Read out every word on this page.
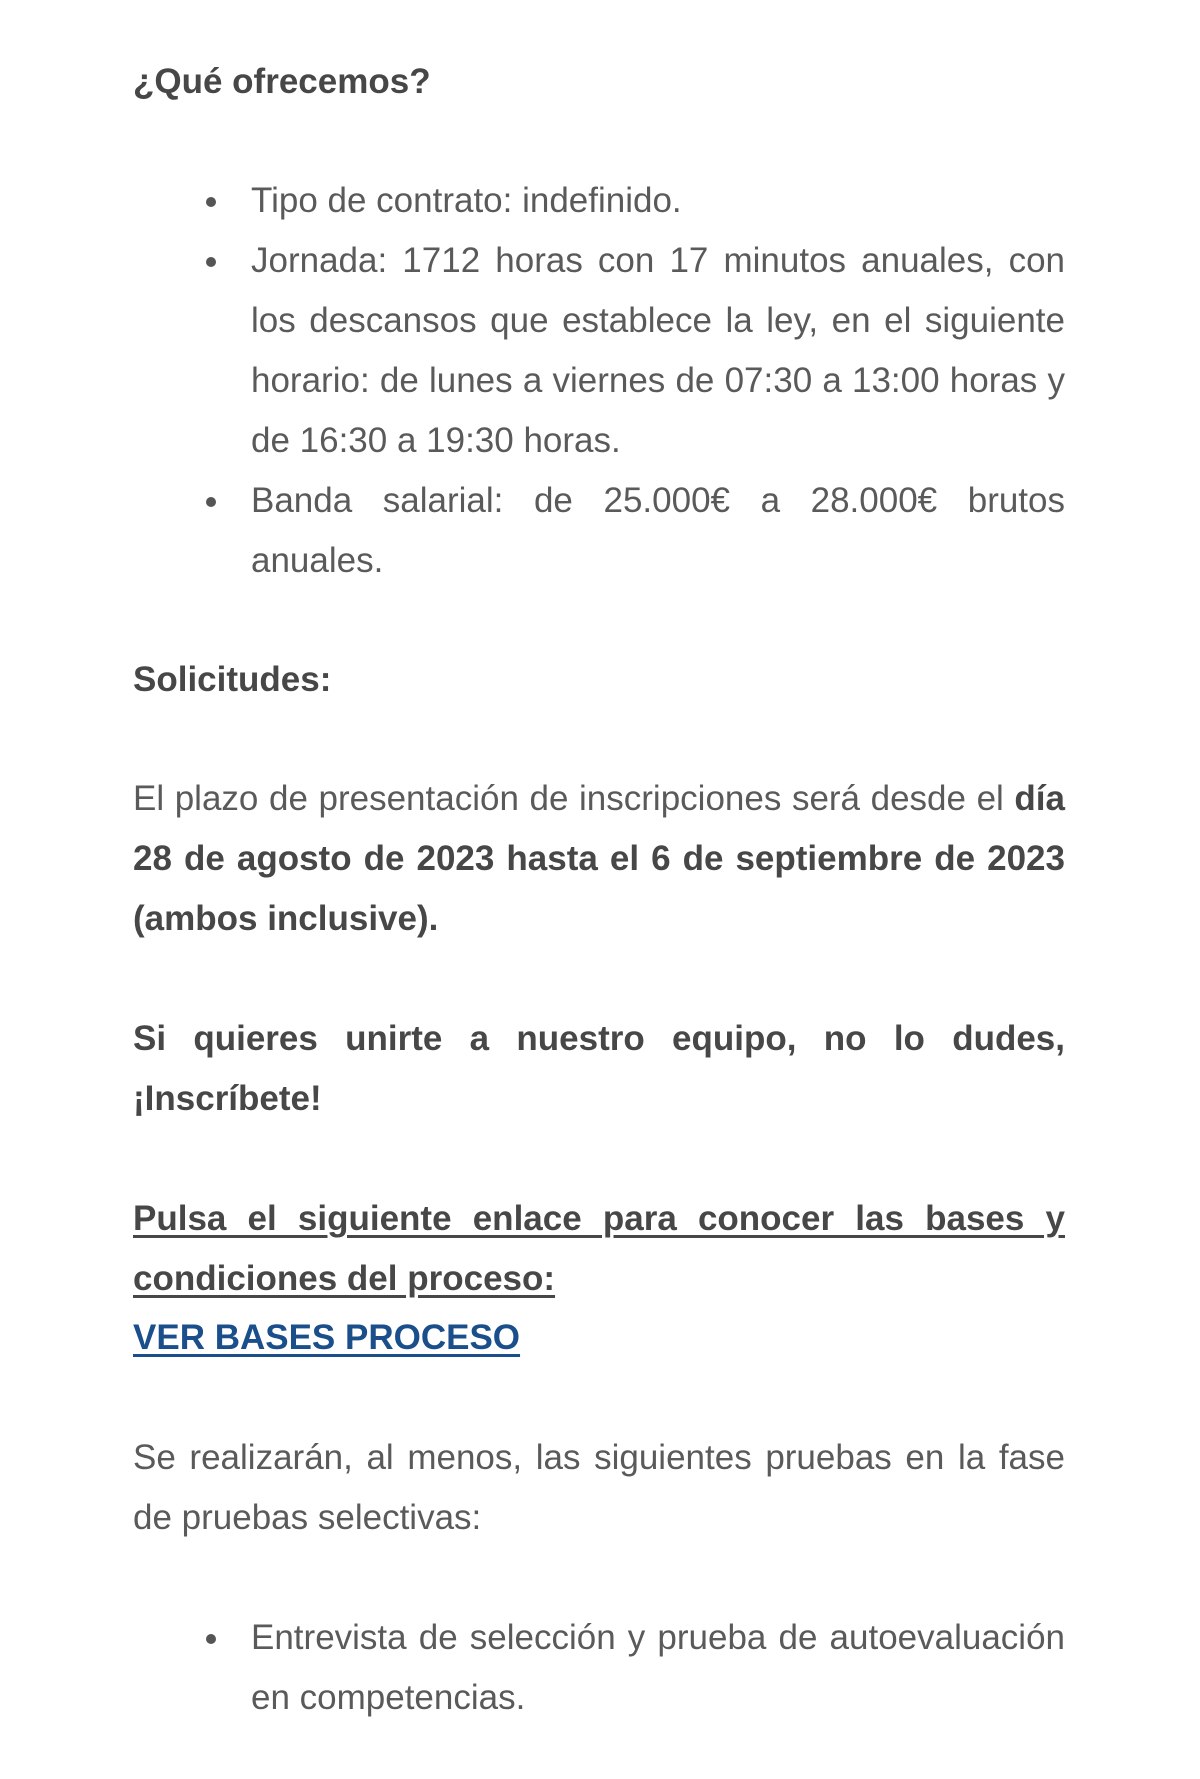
¿Qué ofrecemos?

Tipo de contrato: indefinido.
Jornada: 1712 horas con 17 minutos anuales, con los descansos que establece la ley, en el siguiente horario: de lunes a viernes de 07:30 a 13:00 horas y de 16:30 a 19:30 horas.
Banda salarial: de 25.000€ a 28.000€ brutos anuales.

Solicitudes:

El plazo de presentación de inscripciones será desde el día 28 de agosto de 2023 hasta el 6 de septiembre de 2023 (ambos inclusive).

Si quieres unirte a nuestro equipo, no lo dudes, ¡Inscríbete!

Pulsa el siguiente enlace para conocer las bases y condiciones del proceso:

VER BASES PROCESO

Se realizarán, al menos, las siguientes pruebas en la fase de pruebas selectivas:

Entrevista de selección y prueba de autoevaluación en competencias.
